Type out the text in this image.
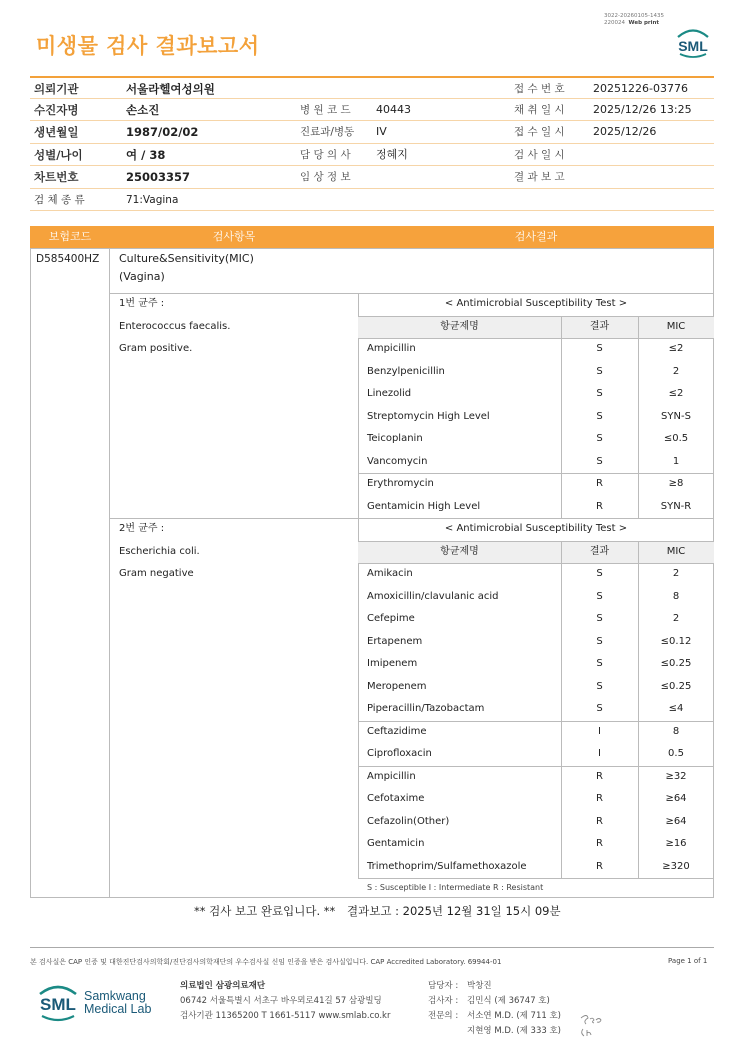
3022-20260105-1435
220024 Web print
미생물 검사 결과보고서	SML
의뢰기관	서울라헬여성의원	접 수 번 호	20251226-03776
수진자명	손소진	병 원 코 드 40443	채 취 일 시	2025/12/26 13:25
생년월일	1987/02/02	진료과/병동 IV	접 수 일 시	2025/12/26
성별/나이	여 / 38	담 당 의 사 정혜지	검 사 일 시
차트번호	25003357	임 상 정 보	결 과 보 고
검 체 종 류	71:Vagina
보험코드	검사항목	검사결과
D585400HZ Culture&Sensitivity(MIC)
(Vagina)
1번 균주 :
Enterococcus faecalis.
Gram positive.
< Antimicrobial Susceptibility Test >
항균제명	결과	MIC
Ampicillin	S	≤2
Benzylpenicillin	S	2
Linezolid	S	≤2
Streptomycin High Level	S	SYN-S
Teicoplanin	S	≤0.5
Vancomycin	S	1
Erythromycin	R	≥8
Gentamicin High Level	R	SYN-R
2번 균주 :
Escherichia coli.
Gram negative
< Antimicrobial Susceptibility Test >
항균제명	결과	MIC
Amikacin	S	2
Amoxicillin/clavulanic acid	S	8
Cefepime	S	2
Ertapenem	S	≤0.12
Imipenem	S	≤0.25
Meropenem	S	≤0.25
Piperacillin/Tazobactam	S	≤4
Ceftazidime	I	8
Ciprofloxacin	I	0.5
Ampicillin	R	≥32
Cefotaxime	R	≥64
Cefazolin(Other)	R	≥64
Gentamicin	R	≥16
Trimethoprim/Sulfamethoxazole	R	≥320
S : Susceptible I : Intermediate R : Resistant
본 검사실은 CAP 인증 및 대한진단검사의학회/진단검사의학재단의 우수검사실 신임 인증을 받은 검사실입니다. CAP Accredited Laboratory. 69944-01	Page 1 of 1
SML Samkwang
Medical Lab
의료법인 삼광의료재단
06742 서울특별시 서초구 바우뫼로41길 57 삼광빌딩
검사기관 11365200 T 1661-5117 www.smlab.co.kr
담당자 : 박창진
검사자 : 김민식 (제 36747 호)
전문의 : 서소연 M.D. (제 711 호)
지현영 M.D. (제 333 호)
** 검사 보고 완료입니다. ** 결과보고 : 2025년 12월 31일 15시 09분
